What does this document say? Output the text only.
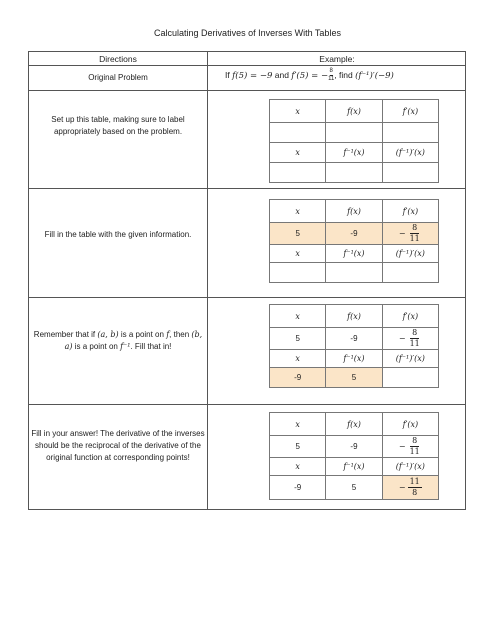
Calculating Derivatives of Inverses With Tables
Directions	Example:
Original Problem	If f(5) = −9 and f′(5) = − $\frac{8}{11}$ , find (f⁻¹)′(−9)
Set up this table, making sure to label appropriately based on the problem.
x	f(x)	f′(x)

x	f⁻¹(x)	(f⁻¹)′(x)

Fill in the table with the given information.
x	f(x)	f′(x)
5	-9	− $\frac{8}{11}$

x	f⁻¹(x)	(f⁻¹)′(x)

Remember that if (a, b) is a point on f, then (b, a) is a point on f⁻¹. Fill that in!
x	f(x)	f′(x)
5	-9	− $\frac{8}{11}$

x	f⁻¹(x)	(f⁻¹)′(x)
-9	5	
Fill in your answer! The derivative of the inverses should be the reciprocal of the derivative of the original function at corresponding points!
x	f(x)	f′(x)
5	-9	− $\frac{8}{11}$

x	f⁻¹(x)	(f⁻¹)′(x)
-9	5	− $\frac{11}{8}$
